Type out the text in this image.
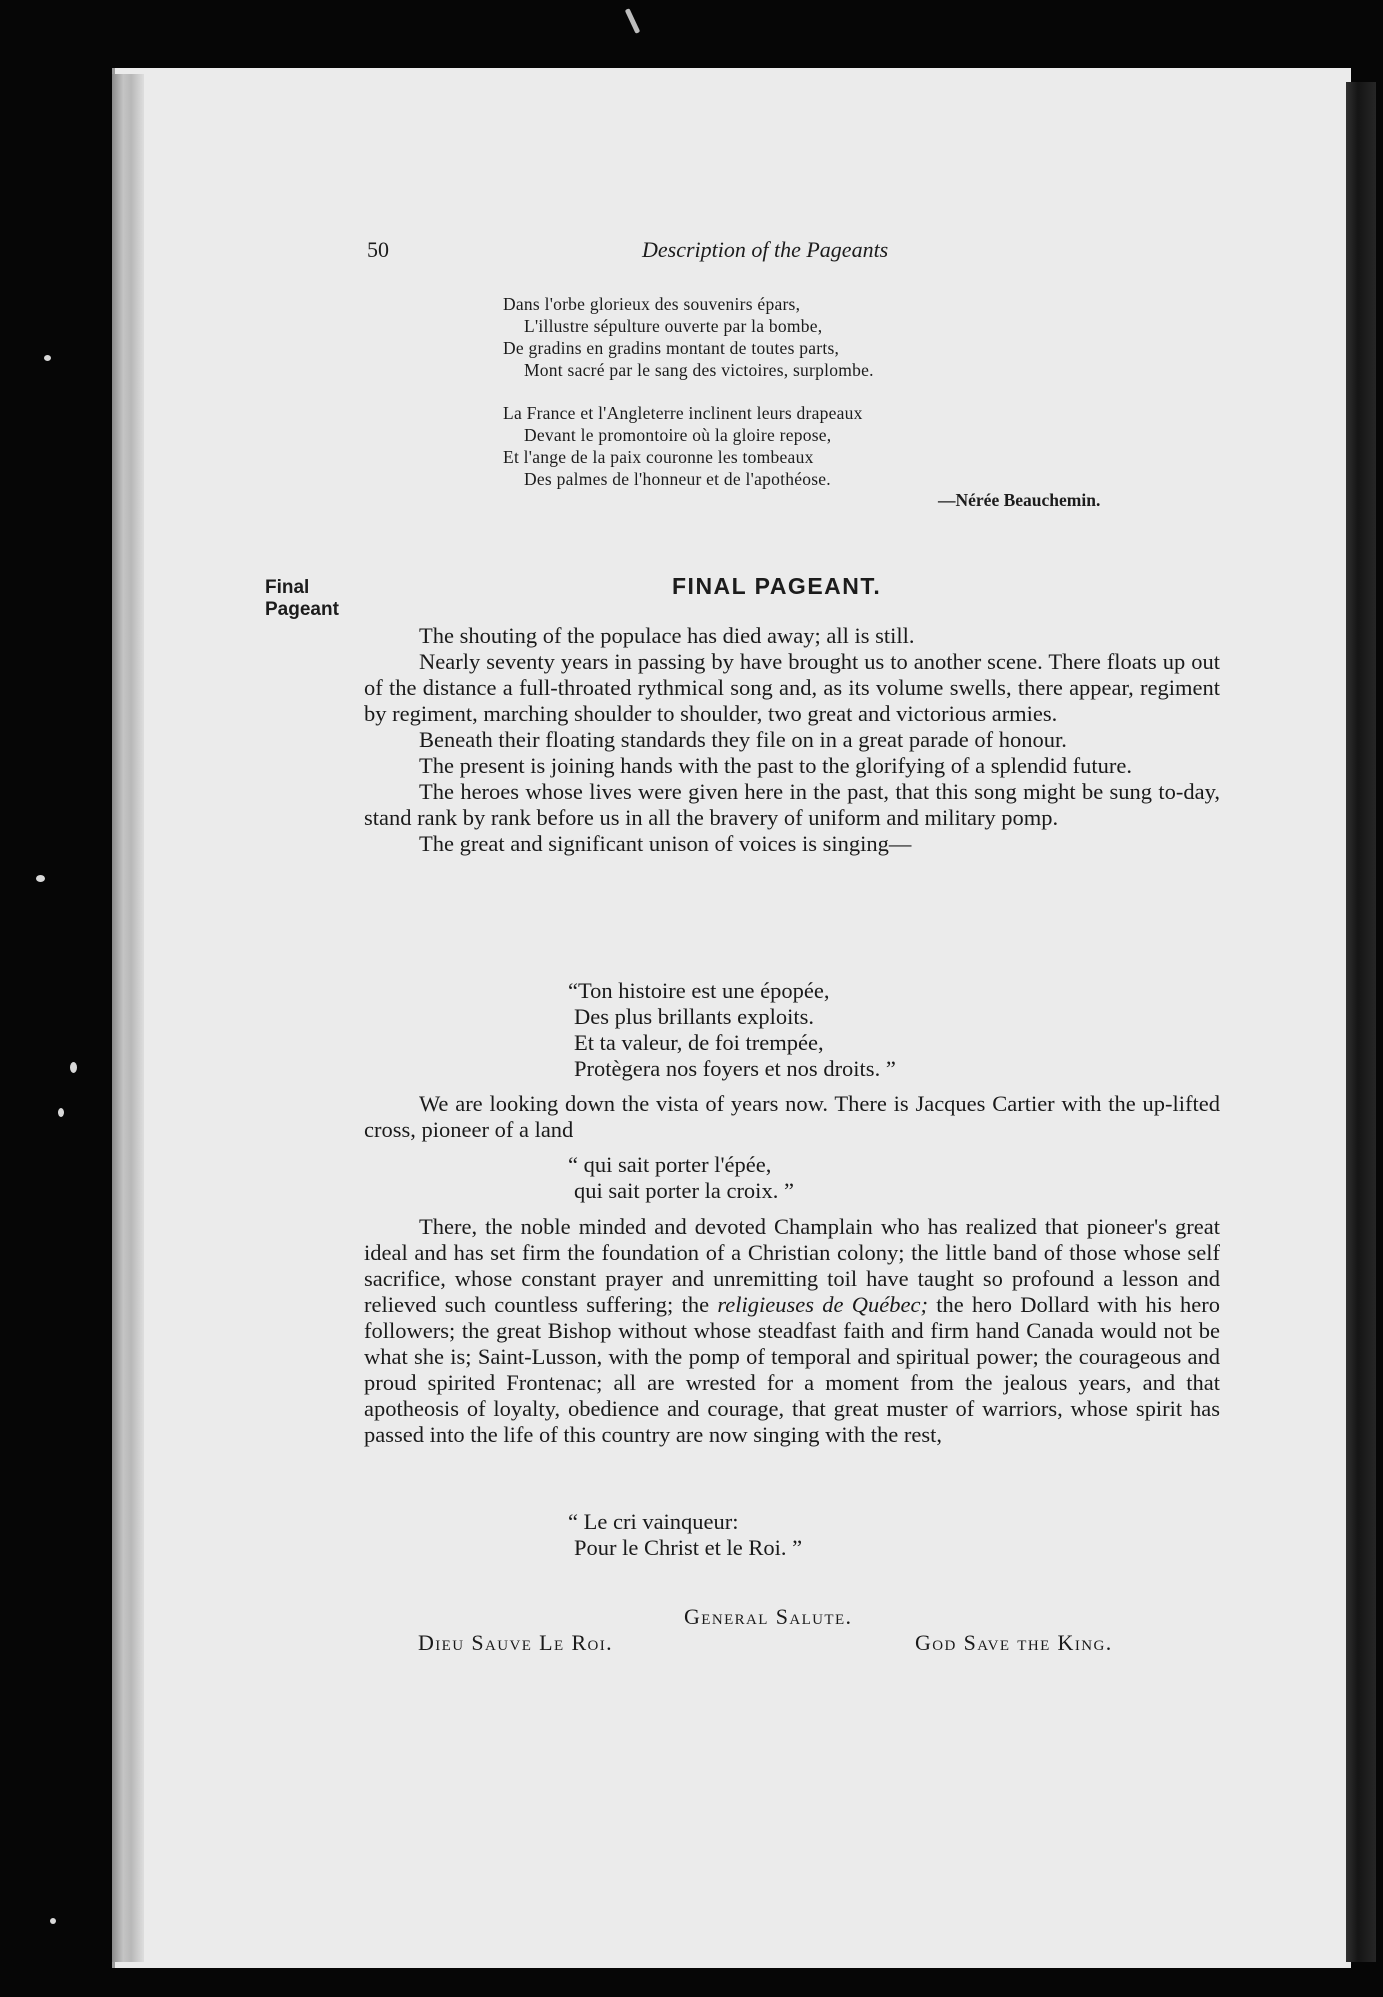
50	Description of the Pageants
Dans l'orbe glorieux des souvenirs épars,
L'illustre sépulture ouverte par la bombe,
De gradins en gradins montant de toutes parts,
Mont sacré par le sang des victoires, surplombe.
La France et l'Angleterre inclinent leurs drapeaux
Devant le promontoire où la gloire repose,
Et l'ange de la paix couronne les tombeaux
Des palmes de l'honneur et de l'apothéose.
—Nérée Beauchemin.
Final
Pageant
FINAL PAGEANT.

The shouting of the populace has died away; all is still.

Nearly seventy years in passing by have brought us to another scene. There floats up out of the distance a full-throated rythmical song and, as its volume swells, there appear, regiment by regiment, marching shoulder to shoulder, two great and victorious armies.

Beneath their floating standards they file on in a great parade of honour.

The present is joining hands with the past to the glorifying of a splendid future.

The heroes whose lives were given here in the past, that this song might be sung to-day, stand rank by rank before us in all the bravery of uniform and military pomp.

The great and significant unison of voices is singing—

“Ton histoire est une épopée,
Des plus brillants exploits.
Et ta valeur, de foi trempée,
Protègera nos foyers et nos droits. ”

We are looking down the vista of years now. There is Jacques Cartier with the up-lifted cross, pioneer of a land

“ qui sait porter l'épée,
qui sait porter la croix. ”

There, the noble minded and devoted Champlain who has realized that pioneer's great ideal and has set firm the foundation of a Christian colony; the little band of those whose self sacrifice, whose constant prayer and unremitting toil have taught so profound a lesson and relieved such countless suffering; the religieuses de Québec; the hero Dollard with his hero followers; the great Bishop without whose steadfast faith and firm hand Canada would not be what she is; Saint-Lusson, with the pomp of temporal and spiritual power; the courageous and proud spirited Frontenac; all are wrested for a moment from the jealous years, and that apotheosis of loyalty, obedience and courage, that great muster of warriors, whose spirit has passed into the life of this country are now singing with the rest,

“ Le cri vainqueur:
Pour le Christ et le Roi. ”
General Salute.
Dieu Sauve Le Roi.	God Save the King.
